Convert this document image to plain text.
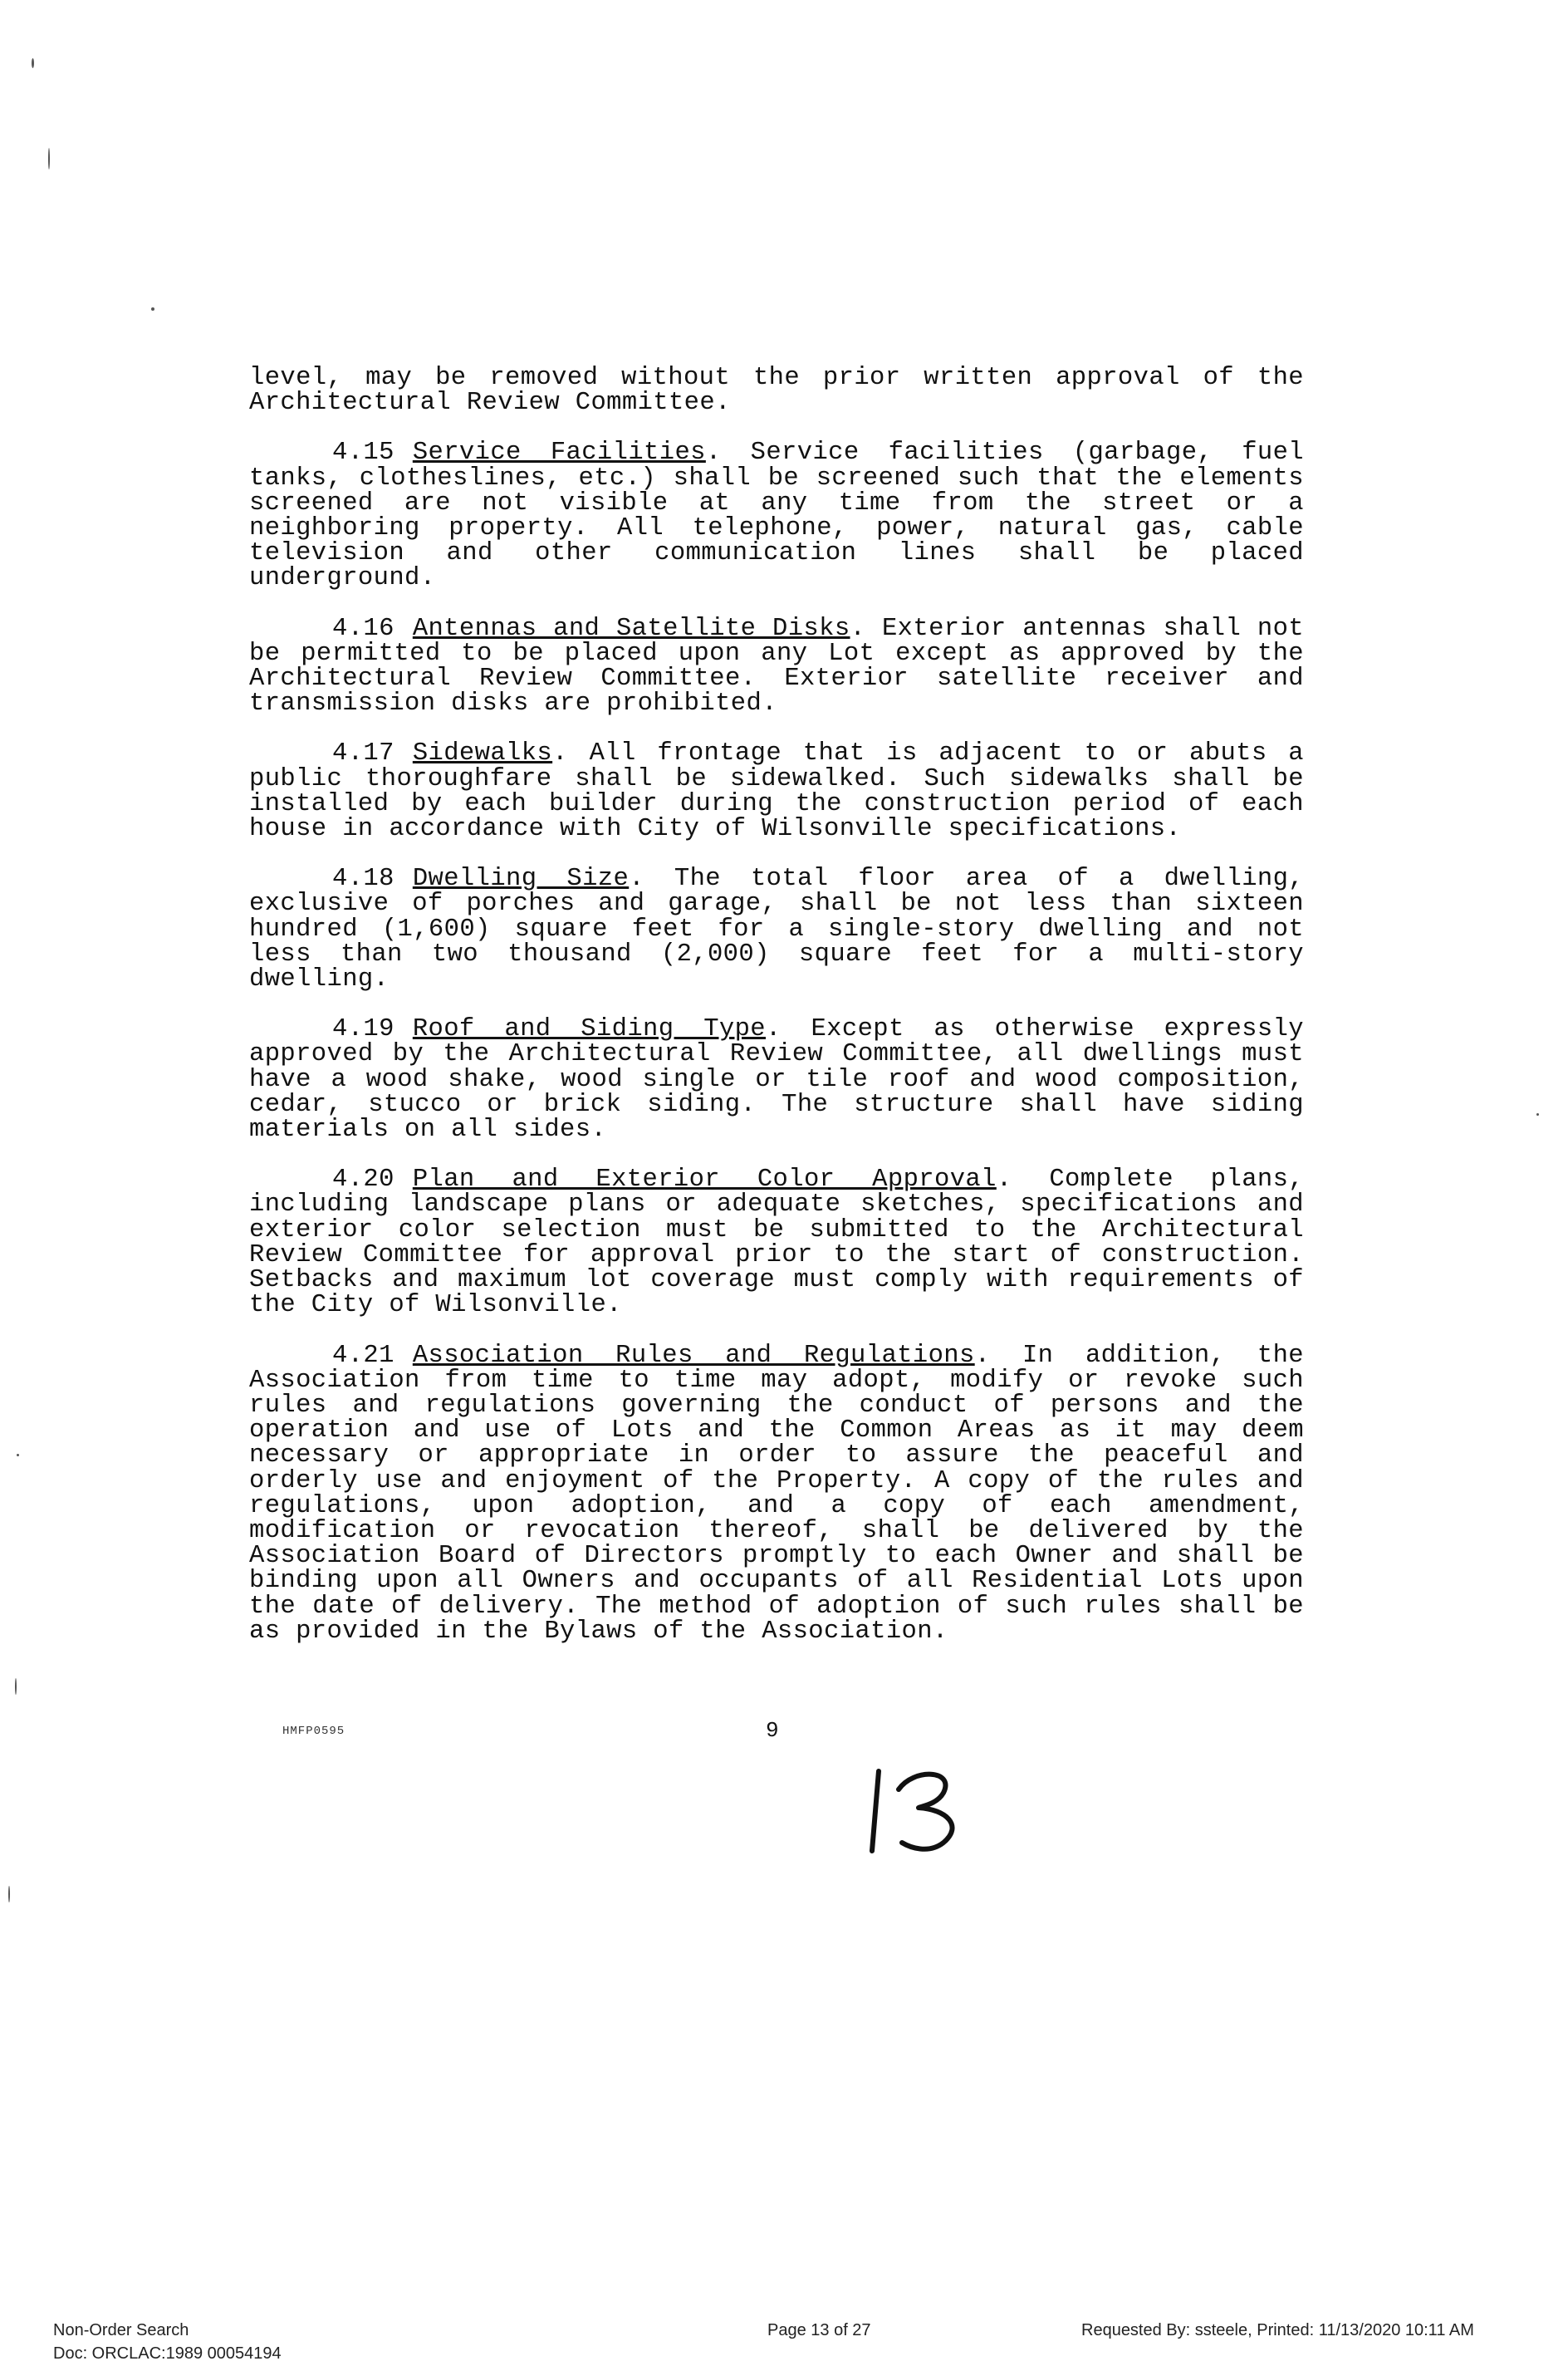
level, may be removed without the prior written approval of the Architectural Review Committee.

4.15 Service Facilities. Service facilities (garbage, fuel tanks, clotheslines, etc.) shall be screened such that the elements screened are not visible at any time from the street or a neighboring property. All telephone, power, natural gas, cable television and other communication lines shall be placed underground.

4.16 Antennas and Satellite Disks. Exterior antennas shall not be permitted to be placed upon any Lot except as approved by the Architectural Review Committee. Exterior satellite receiver and transmission disks are prohibited.

4.17 Sidewalks. All frontage that is adjacent to or abuts a public thoroughfare shall be sidewalked. Such sidewalks shall be installed by each builder during the construction period of each house in accordance with City of Wilsonville specifications.

4.18 Dwelling Size. The total floor area of a dwelling, exclusive of porches and garage, shall be not less than sixteen hundred (1,600) square feet for a single-story dwelling and not less than two thousand (2,000) square feet for a multi-story dwelling.

4.19 Roof and Siding Type. Except as otherwise expressly approved by the Architectural Review Committee, all dwellings must have a wood shake, wood single or tile roof and wood composition, cedar, stucco or brick siding. The structure shall have siding materials on all sides.

4.20 Plan and Exterior Color Approval. Complete plans, including landscape plans or adequate sketches, specifications and exterior color selection must be submitted to the Architectural Review Committee for approval prior to the start of construction. Setbacks and maximum lot coverage must comply with requirements of the City of Wilsonville.

4.21 Association Rules and Regulations. In addition, the Association from time to time may adopt, modify or revoke such rules and regulations governing the conduct of persons and the operation and use of Lots and the Common Areas as it may deem necessary or appropriate in order to assure the peaceful and orderly use and enjoyment of the Property. A copy of the rules and regulations, upon adoption, and a copy of each amendment, modification or revocation thereof, shall be delivered by the Association Board of Directors promptly to each Owner and shall be binding upon all Owners and occupants of all Residential Lots upon the date of delivery. The method of adoption of such rules shall be as provided in the Bylaws of the Association.

HMFP0595	9
Non-Order Search	Page 13 of 27	Requested By: ssteele, Printed: 11/13/2020 10:11 AM
Doc: ORCLAC:1989 00054194
